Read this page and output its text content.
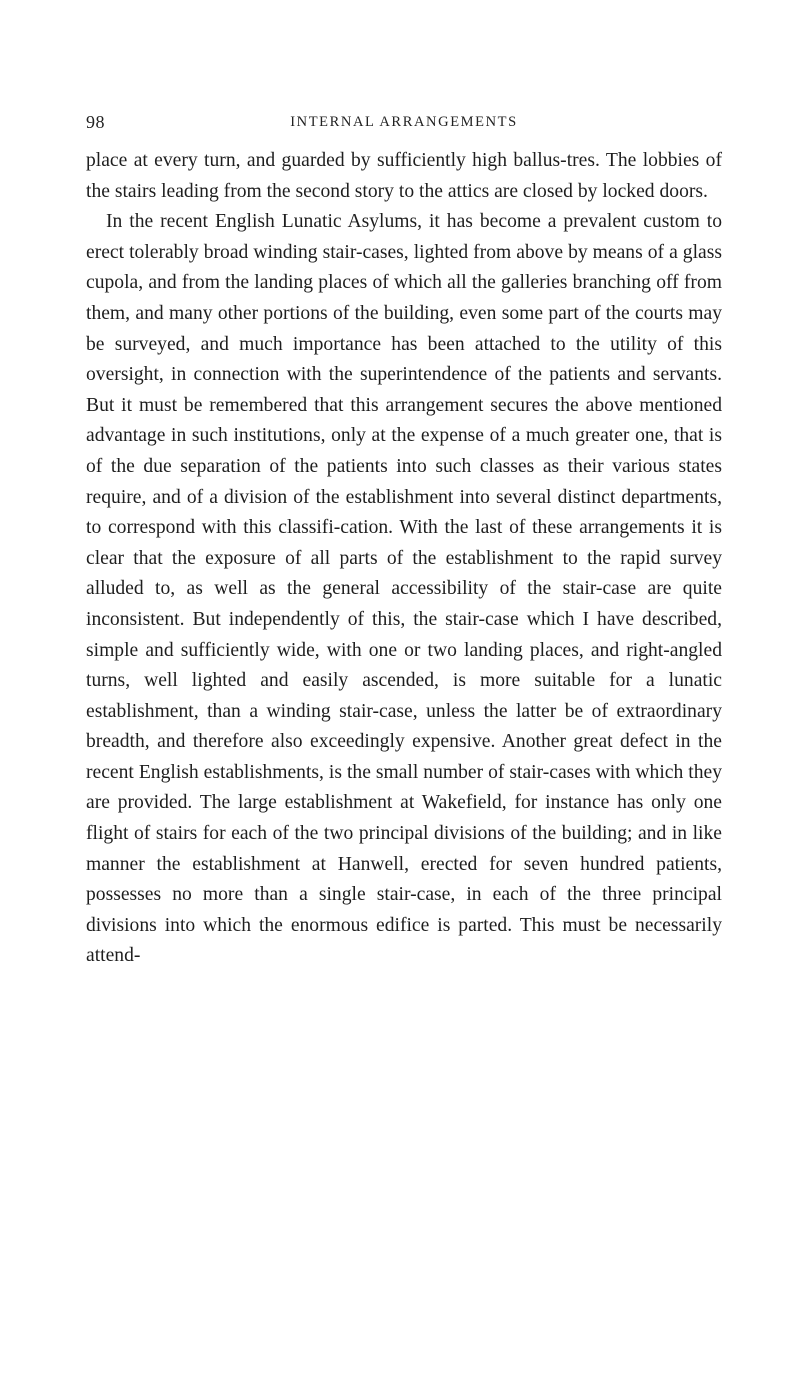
98	INTERNAL ARRANGEMENTS

place at every turn, and guarded by sufficiently high ballus-tres. The lobbies of the stairs leading from the second story to the attics are closed by locked doors.

In the recent English Lunatic Asylums, it has become a prevalent custom to erect tolerably broad winding stair-cases, lighted from above by means of a glass cupola, and from the landing places of which all the galleries branching off from them, and many other portions of the building, even some part of the courts may be surveyed, and much importance has been attached to the utility of this oversight, in connection with the superintendence of the patients and servants. But it must be remembered that this arrangement secures the above mentioned advantage in such institutions, only at the expense of a much greater one, that is of the due separation of the patients into such classes as their various states require, and of a division of the establishment into several distinct departments, to correspond with this classifi-cation. With the last of these arrangements it is clear that the exposure of all parts of the establishment to the rapid survey alluded to, as well as the general accessibility of the stair-case are quite inconsistent. But independently of this, the stair-case which I have described, simple and sufficiently wide, with one or two landing places, and right-angled turns, well lighted and easily ascended, is more suitable for a lunatic establishment, than a winding stair-case, unless the latter be of extraordinary breadth, and therefore also exceedingly expensive. Another great defect in the recent English establishments, is the small number of stair-cases with which they are provided. The large establishment at Wakefield, for instance has only one flight of stairs for each of the two principal divisions of the building; and in like manner the establishment at Hanwell, erected for seven hundred patients, possesses no more than a single stair-case, in each of the three principal divisions into which the enormous edifice is parted. This must be necessarily attend-
